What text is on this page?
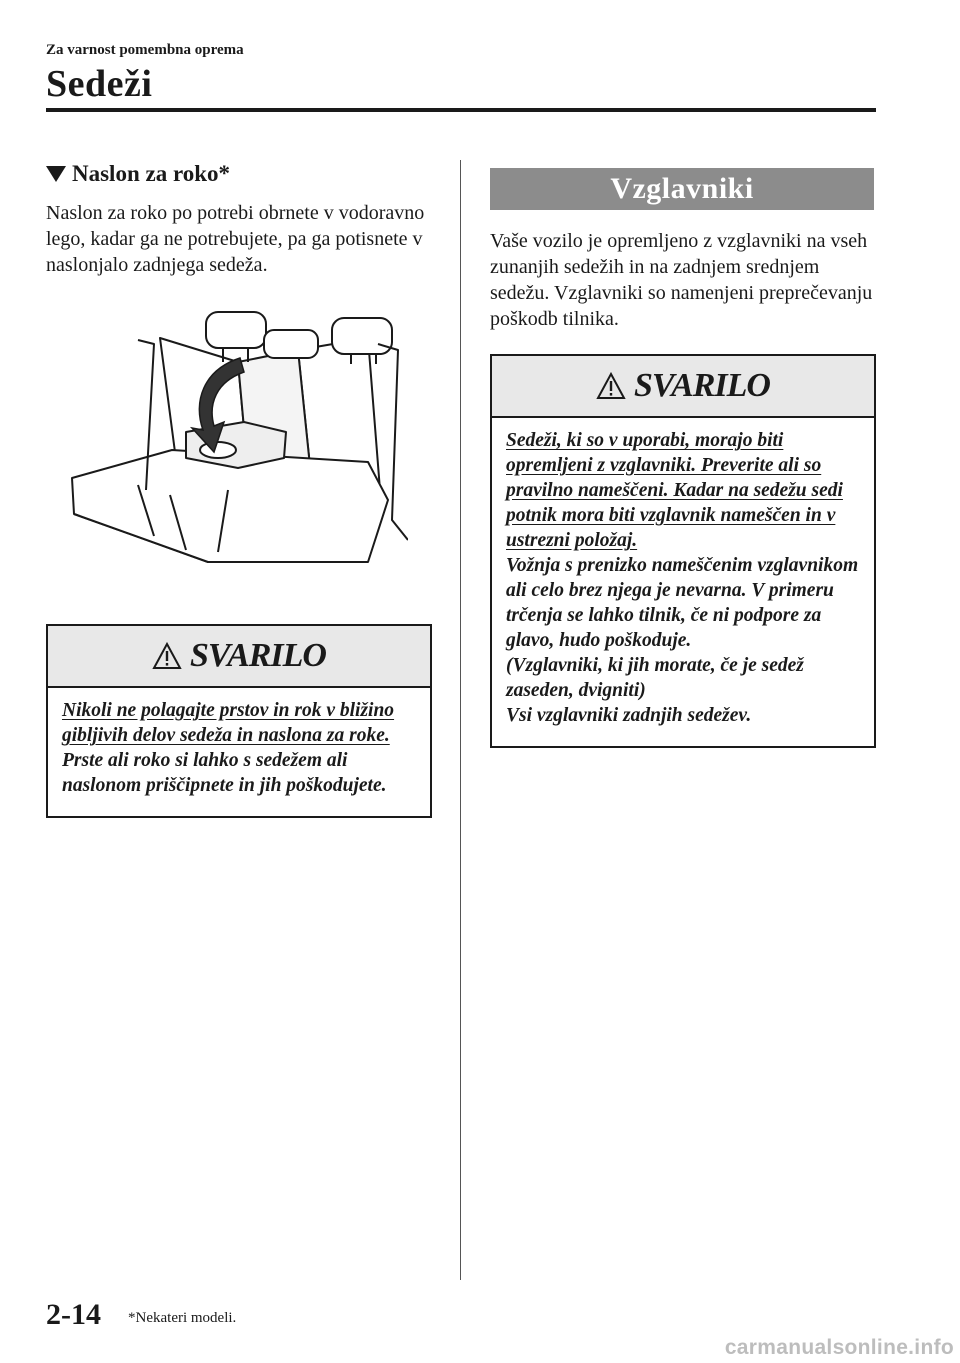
Za varnost pomembna oprema
Sedeži
Naslon za roko*

Naslon za roko po potrebi obrnete v vodoravno lego, kadar ga ne potrebujete, pa ga potisnete v naslonjalo zadnjega sedeža.

SVARILO

Nikoli ne polagajte prstov in rok v bližino gibljivih delov sedeža in naslona za roke.

Prste ali roko si lahko s sedežem ali naslonom priščipnete in jih poškodujete.

Vzglavniki

Vaše vozilo je opremljeno z vzglavniki na vseh zunanjih sedežih in na zadnjem srednjem sedežu. Vzglavniki so namenjeni preprečevanju poškodb tilnika.

SVARILO

Sedeži, ki so v uporabi, morajo biti opremljeni z vzglavniki. Preverite ali so pravilno nameščeni. Kadar na sedežu sedi potnik mora biti vzglavnik nameščen in v ustrezni položaj.

Vožnja s prenizko nameščenim vzglavnikom ali celo brez njega je nevarna. V primeru trčenja se lahko tilnik, če ni podpore za glavo, hudo poškoduje.

(Vzglavniki, ki jih morate, če je sedež zaseden, dvigniti)

Vsi vzglavniki zadnjih sedežev.

2-14 *Nekateri modeli.
carmanualsonline.info
